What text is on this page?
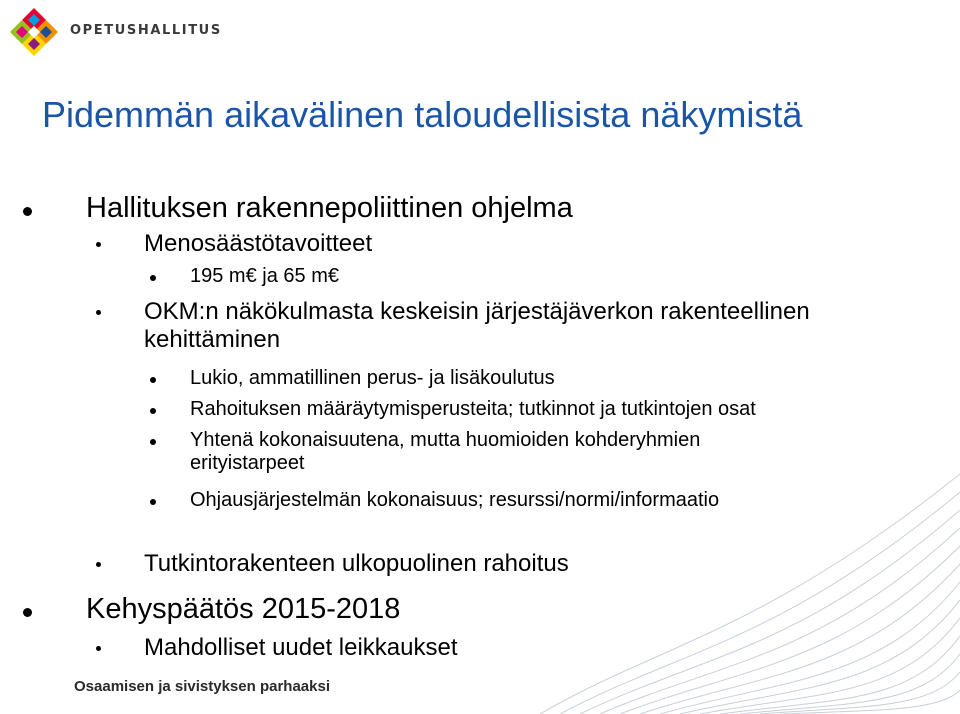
OPETUSHALLITUS
Pidemmän aikavälinen taloudellisista näkymistä
Hallituksen rakennepoliittinen ohjelma
Menosäästötavoitteet
195 m€ ja 65 m€
OKM:n näkökulmasta keskeisin järjestäjäverkon rakenteellinen
kehittäminen
Lukio, ammatillinen perus- ja lisäkoulutus
Rahoituksen määräytymisperusteita; tutkinnot ja tutkintojen osat
Yhtenä kokonaisuutena, mutta huomioiden kohderyhmien
erityistarpeet
Ohjausjärjestelmän kokonaisuus; resurssi/normi/informaatio
Tutkintorakenteen ulkopuolinen rahoitus
Kehyspäätös 2015-2018
Mahdolliset uudet leikkaukset
Osaamisen ja sivistyksen parhaaksi
